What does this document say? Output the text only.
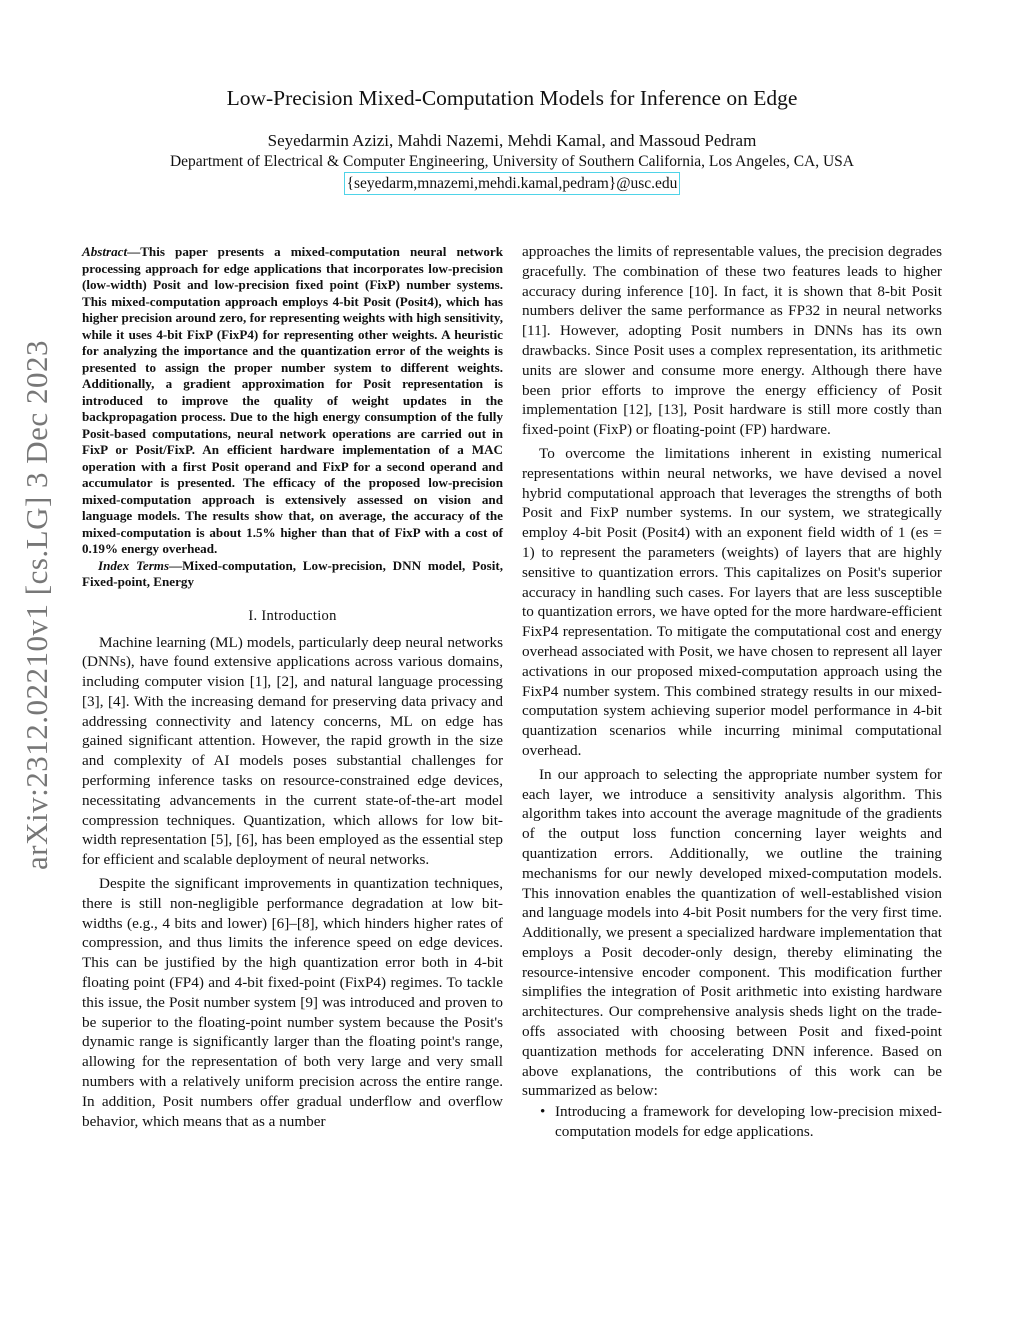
Low-Precision Mixed-Computation Models for Inference on Edge
Seyedarmin Azizi, Mahdi Nazemi, Mehdi Kamal, and Massoud Pedram
Department of Electrical & Computer Engineering, University of Southern California, Los Angeles, CA, USA
{seyedarm,mnazemi,mehdi.kamal,pedram}@usc.edu
arXiv:2312.02210v1 [cs.LG] 3 Dec 2023

Abstract—This paper presents a mixed-computation neural network processing approach for edge applications that incorporates low-precision (low-width) Posit and low-precision fixed point (FixP) number systems. This mixed-computation approach employs 4-bit Posit (Posit4), which has higher precision around zero, for representing weights with high sensitivity, while it uses 4-bit FixP (FixP4) for representing other weights. A heuristic for analyzing the importance and the quantization error of the weights is presented to assign the proper number system to different weights. Additionally, a gradient approximation for Posit representation is introduced to improve the quality of weight updates in the backpropagation process. Due to the high energy consumption of the fully Posit-based computations, neural network operations are carried out in FixP or Posit/FixP. An efficient hardware implementation of a MAC operation with a first Posit operand and FixP for a second operand and accumulator is presented. The efficacy of the proposed low-precision mixed-computation approach is extensively assessed on vision and language models. The results show that, on average, the accuracy of the mixed-computation is about 1.5% higher than that of FixP with a cost of 0.19% energy overhead.

Index Terms—Mixed-computation, Low-precision, DNN model, Posit, Fixed-point, Energy

I. Introduction

Machine learning (ML) models, particularly deep neural networks (DNNs), have found extensive applications across various domains, including computer vision [1], [2], and natural language processing [3], [4]. With the increasing demand for preserving data privacy and addressing connectivity and latency concerns, ML on edge has gained significant attention. However, the rapid growth in the size and complexity of AI models poses substantial challenges for performing inference tasks on resource-constrained edge devices, necessitating advancements in the current state-of-the-art model compression techniques. Quantization, which allows for low bit-width representation [5], [6], has been employed as the essential step for efficient and scalable deployment of neural networks.

Despite the significant improvements in quantization techniques, there is still non-negligible performance degradation at low bit-widths (e.g., 4 bits and lower) [6]–[8], which hinders higher rates of compression, and thus limits the inference speed on edge devices. This can be justified by the high quantization error both in 4-bit floating point (FP4) and 4-bit fixed-point (FixP4) regimes. To tackle this issue, the Posit number system [9] was introduced and proven to be superior to the floating-point number system because the Posit's dynamic range is significantly larger than the floating point's range, allowing for the representation of both very large and very small numbers with a relatively uniform precision across the entire range. In addition, Posit numbers offer gradual underflow and overflow behavior, which means that as a number

approaches the limits of representable values, the precision degrades gracefully. The combination of these two features leads to higher accuracy during inference [10]. In fact, it is shown that 8-bit Posit numbers deliver the same performance as FP32 in neural networks [11]. However, adopting Posit numbers in DNNs has its own drawbacks. Since Posit uses a complex representation, its arithmetic units are slower and consume more energy. Although there have been prior efforts to improve the energy efficiency of Posit implementation [12], [13], Posit hardware is still more costly than fixed-point (FixP) or floating-point (FP) hardware.

To overcome the limitations inherent in existing numerical representations within neural networks, we have devised a novel hybrid computational approach that leverages the strengths of both Posit and FixP number systems. In our system, we strategically employ 4-bit Posit (Posit4) with an exponent field width of 1 (es = 1) to represent the parameters (weights) of layers that are highly sensitive to quantization errors. This capitalizes on Posit's superior accuracy in handling such cases. For layers that are less susceptible to quantization errors, we have opted for the more hardware-efficient FixP4 representation. To mitigate the computational cost and energy overhead associated with Posit, we have chosen to represent all layer activations in our proposed mixed-computation approach using the FixP4 number system. This combined strategy results in our mixed-computation system achieving superior model performance in 4-bit quantization scenarios while incurring minimal computational overhead.

In our approach to selecting the appropriate number system for each layer, we introduce a sensitivity analysis algorithm. This algorithm takes into account the average magnitude of the gradients of the output loss function concerning layer weights and quantization errors. Additionally, we outline the training mechanisms for our newly developed mixed-computation models. This innovation enables the quantization of well-established vision and language models into 4-bit Posit numbers for the very first time. Additionally, we present a specialized hardware implementation that employs a Posit decoder-only design, thereby eliminating the resource-intensive encoder component. This modification further simplifies the integration of Posit arithmetic into existing hardware architectures. Our comprehensive analysis sheds light on the trade-offs associated with choosing between Posit and fixed-point quantization methods for accelerating DNN inference. Based on above explanations, the contributions of this work can be summarized as below:

• Introducing a framework for developing low-precision mixed-computation models for edge applications.
